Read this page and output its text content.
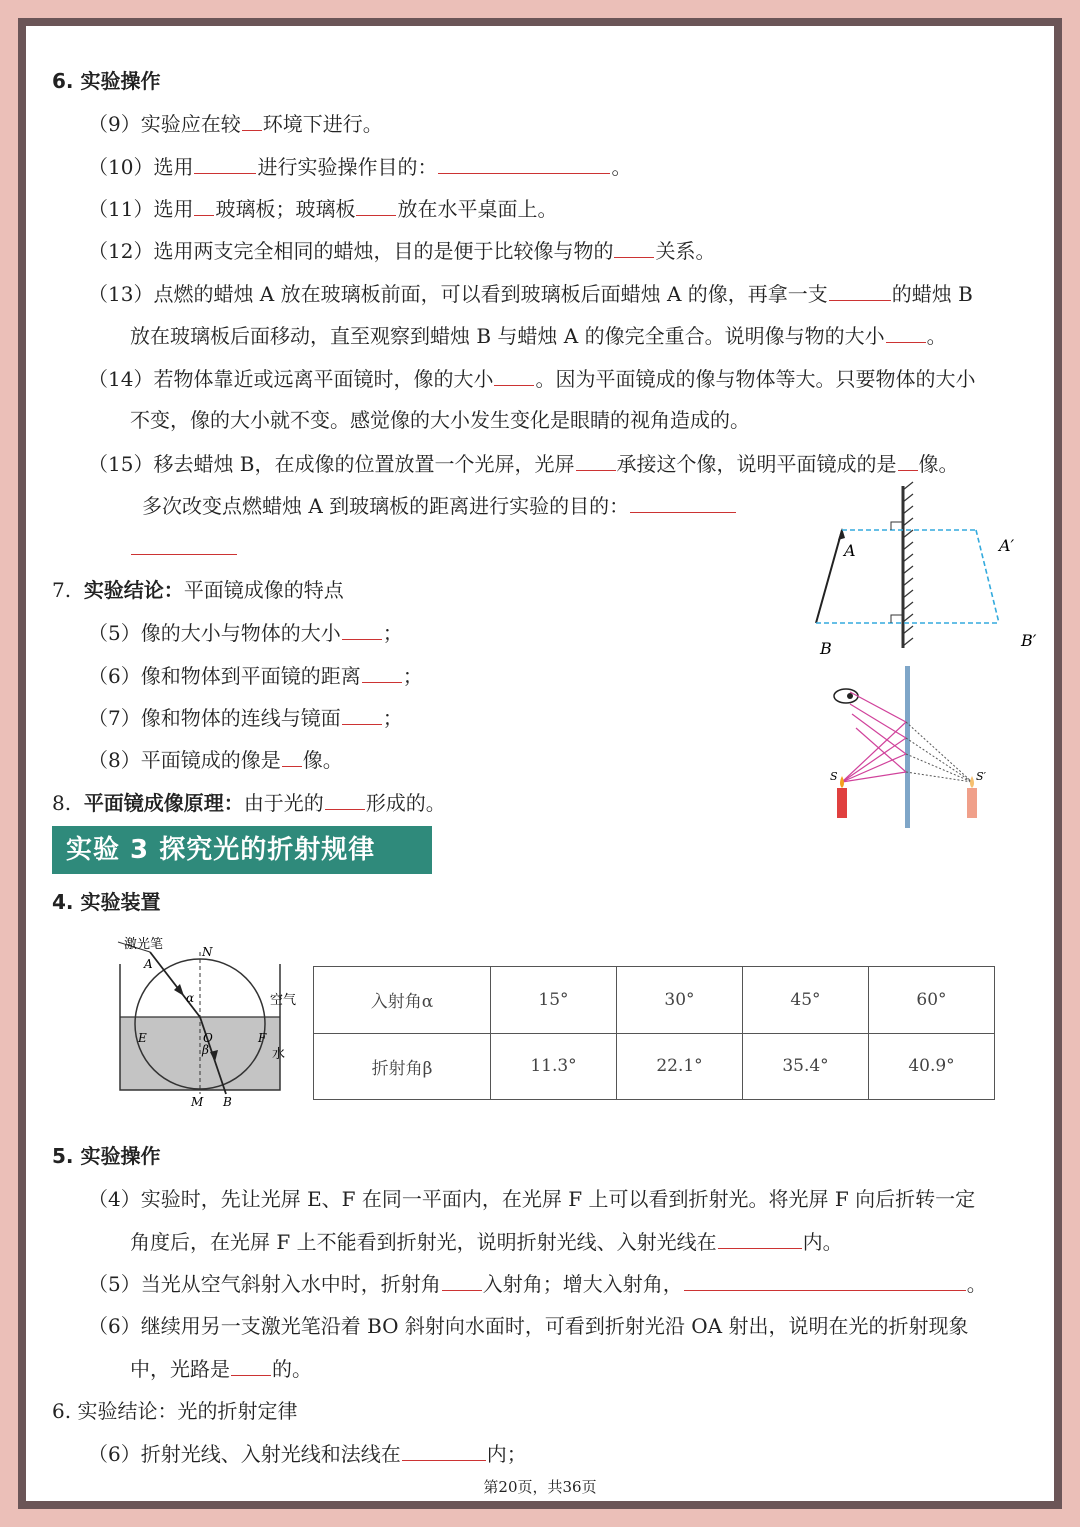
6. 实验操作
（9）实验应在较 环境下进行。
（10）选用	进行实验操作目的：	。
（11）选用 玻璃板；玻璃板 放在水平桌面上。
（12）选用两支完全相同的蜡烛，目的是便于比较像与物的 关系。
（13）点燃的蜡烛 A 放在玻璃板前面，可以看到玻璃板后面蜡烛 A 的像，再拿一支	的蜡烛 B
放在玻璃板后面移动，直至观察到蜡烛 B 与蜡烛 A 的像完全重合。说明像与物的大小 。
（14）若物体靠近或远离平面镜时，像的大小 。因为平面镜成的像与物体等大。只要物体的大小
不变，像的大小就不变。感觉像的大小发生变化是眼睛的视角造成的。
（15）移去蜡烛 B，在成像的位置放置一个光屏，光屏 承接这个像，说明平面镜成的是 像。
多次改变点燃蜡烛 A 到玻璃板的距离进行实验的目的：
7. 实验结论：平面镜成像的特点
（5）像的大小与物体的大小 ；
（6）像和物体到平面镜的距离 ；
（7）像和物体的连线与镜面 ；
（8）平面镜成的像是 像。
8. 平面镜成像原理：由于光的 形成的。
A
B
A′
B′
S	S′
实验 3 探究光的折射规律
4. 实验装置
激光笔
空气
水
N
A
E	O	F
M B
α
β
入射角α	15°	30°	45°	60°
折射角β	11.3°	22.1°	35.4°	40.9°
5. 实验操作
（4）实验时，先让光屏 E、F 在同一平面内，在光屏 F 上可以看到折射光。将光屏 F 向后折转一定
角度后，在光屏 F 上不能看到折射光，说明折射光线、入射光线在	内。
（5）当光从空气斜射入水中时，折射角 入射角；增大入射角，	。
（6）继续用另一支激光笔沿着 BO 斜射向水面时，可看到折射光沿 OA 射出，说明在光的折射现象
中，光路是 的。
6. 实验结论：光的折射定律
（6）折射光线、入射光线和法线在	内；
第20页，共36页
